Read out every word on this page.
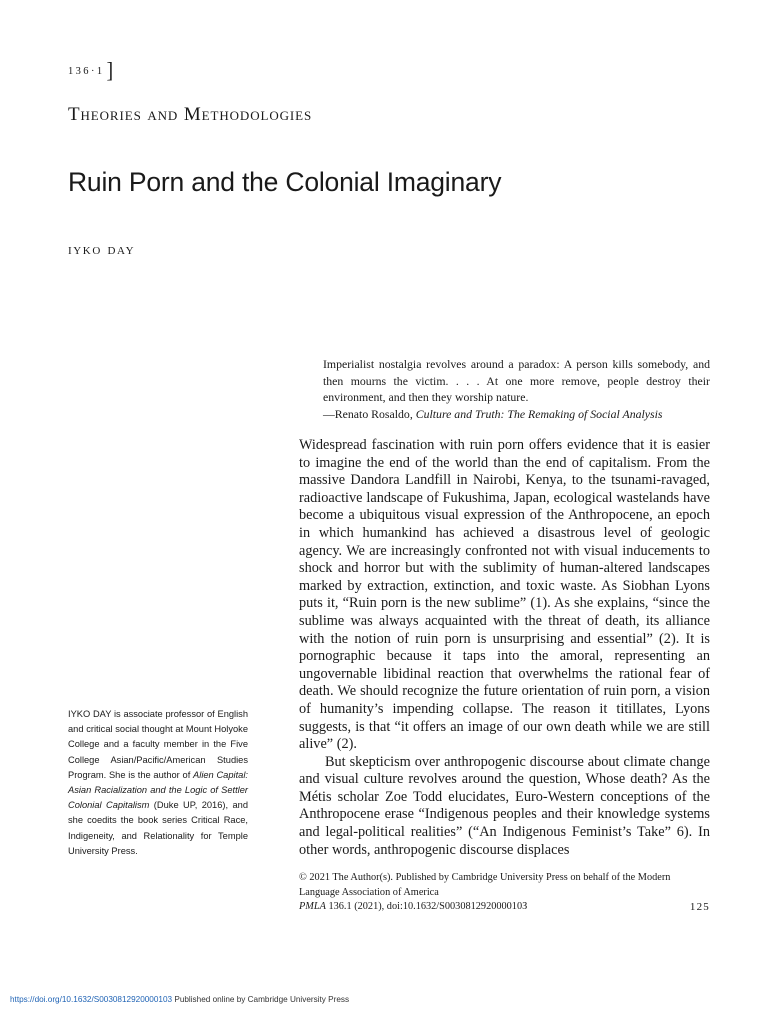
136·1 ]
Theories and Methodologies
Ruin Porn and the Colonial Imaginary
iyko day

Imperialist nostalgia revolves around a paradox: A person kills somebody, and then mourns the victim. . . . At one more remove, people destroy their environment, and then they worship nature.

—Renato Rosaldo, Culture and Truth: The Remaking of Social Analysis

Widespread fascination with ruin porn offers evidence that it is easier to imagine the end of the world than the end of capitalism. From the massive Dandora Landfill in Nairobi, Kenya, to the tsunami-ravaged, radioactive landscape of Fukushima, Japan, ecological wastelands have become a ubiquitous visual expression of the Anthropocene, an epoch in which humankind has achieved a disastrous level of geologic agency. We are increasingly confronted not with visual inducements to shock and horror but with the sublimity of human-altered landscapes marked by extraction, extinction, and toxic waste. As Siobhan Lyons puts it, “Ruin porn is the new sublime” (1). As she explains, “since the sublime was always acquainted with the threat of death, its alliance with the notion of ruin porn is unsurprising and essential” (2). It is pornographic because it taps into the amoral, representing an ungovernable libidinal reaction that overwhelms the rational fear of death. We should recognize the future orientation of ruin porn, a vision of humanity’s impending collapse. The reason it titillates, Lyons suggests, is that “it offers an image of our own death while we are still alive” (2).

But skepticism over anthropogenic discourse about climate change and visual culture revolves around the question, Whose death? As the Métis scholar Zoe Todd elucidates, Euro-Western conceptions of the Anthropocene erase “Indigenous peoples and their knowledge systems and legal-political realities” (“An Indigenous Feminist’s Take” 6). In other words, anthropogenic discourse displaces

IYKO DAY is associate professor of English and critical social thought at Mount Holyoke College and a faculty member in the Five College Asian/Pacific/American Studies Program. She is the author of Alien Capital: Asian Racialization and the Logic of Settler Colonial Capitalism (Duke UP, 2016), and she coedits the book series Critical Race, Indigeneity, and Relationality for Temple University Press.
© 2021 The Author(s). Published by Cambridge University Press on behalf of the Modern Language Association of America
PMLA 136.1 (2021), doi:10.1632/S003081292000010З	125
https://doi.org/10.1632/S0030812920000103 Published online by Cambridge University Press
